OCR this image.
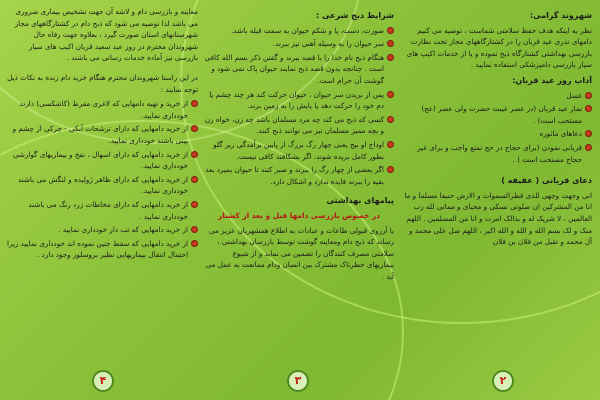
شهروند گرامی:

نظر به اینکه هدف حفظ سلامتی شماست ، توصیه می کنیم دامهای نذری عید قربان را در کشتارگاههای مجاز تحت نظارت بازرسی بهداشتی کشتارگاه ذبح نموده و یا از خدمات اکیپ های سیار بازرسی دامپزشکی استفاده نمایید .

آداب روز عید قربان:
غسل
نماز عید قربان (در عصر غیبت حضرت ولی عصر (عج) مستحب است) .
دعاهای ماثوره
قربانی نمودن (برای حجاج در حج تمتع واجب و برای غیر حجاج مستحب است ) .
دعای قربانی ( عقیقه )

انی وجهت وجهی للذی فطرالسموات و الارض حنیفا مسلما و ما انا من المشرکین ان صلوتی نسکی و محیای و مماتی لله رب العالمین ، لا شریک له و بذالک امرت و انا من المسلمین . اللهم منک و لک بسم الله و الله و الله اکبر ، اللهم صل علی محمد و آل محمد و تقبل من فلان بن فلان

شرایط ذبح شرعی :
صورت، دست، پا و شکم حیوان به سمت قبله باشد.
سر حیوان را به وسیله آهنی تیز ببرند.
هنگام ذبح نام خدا را با قصد ببرند و گفتن ذکر بسم الله کافی است . چنانچه بدون قصد ذبح نمایند حیوان پاک نمی شود و گوشت آن حرام است.
پس از بریدن سر حیوان ، حیوان حرکت کند هر چند چشم یا دم خود را حرکت دهد یا پایش را به زمین بزند.
کسی که ذبح می کند چه مرد مسلمان باشد چه زن، خواه زن و بچه ممیز مسلمان نیز می توانند ذبح کنند.
اوداج او بیخ یعنی چهار رگ بزرگ از پایین برآمدگی زیر گلو بطور کامل بریده شوند. اگر بشکافند کافی نیست.
اگر بعضی از چهار رگ را ببرند و صبر کنند تا حیوان بمیرد بعد بقیه را ببرند فایده ندارد و اشکال دارد.
پیامهای بهداشتی
در خصوص بازرسی دامها قبل و بعد از کشتار

با آرزوی قبولی طاعات و عبادات به اطلاع همشهریان عزیز می رساند که ذبح دام ومعاینه گوشت توسط بازرسان بهداشتی ، سلامتی مصرف کنندگان را تضمین می نماید و از شیوع بیماریهای خطرناک مشترک بین انسان ودام ممانعت به عمل می آید .

معاینه و بازرسی دام و لاشه آن جهت تشخیص بیماری ضروری می باشد لذا توصیه می شود که ذبح دام در کشتارگاههای مجاز شهرستانهای استان صورت گیرد ، بعلاوه جهت رفاه حال شهروندان محترم در روز عید سعید قربان اکیپ های سیار بازرسی نیز آماده خدمات رسانی می باشند .

در این راستا شهروندان محترم هنگام خرید دام زنده به نکات ذیل توجه نمایند :

از خرید و تهیه دامهایی که لاغری مفرط (کاشکسی) دارند خودداری نمایید.
از خرید دامهایی که دارای ترشحات آبکی - چرکی از چشم و بینی باشند خودداری نمایید.
از خرید دامهایی که دارای اسهال ، نفخ و بیماریهای گوارشی خودداری نمایید.
از خرید دامهایی که دارای ظاهر ژولیده و لنگش می باشند خودداری نمایید.
از خرید دامهایی که دارای مخاطات زرد رنگ می باشند خودداری نمایید .
از خرید دامهایی که تب دار خودداری نمایید .
از خرید دامهایی که سقط جنین نموده اند خودداری نمایید زیرا احتمال انتقال بیماریهایی نظیر بروسلوز وجود دارد .
۲
۳
۴
